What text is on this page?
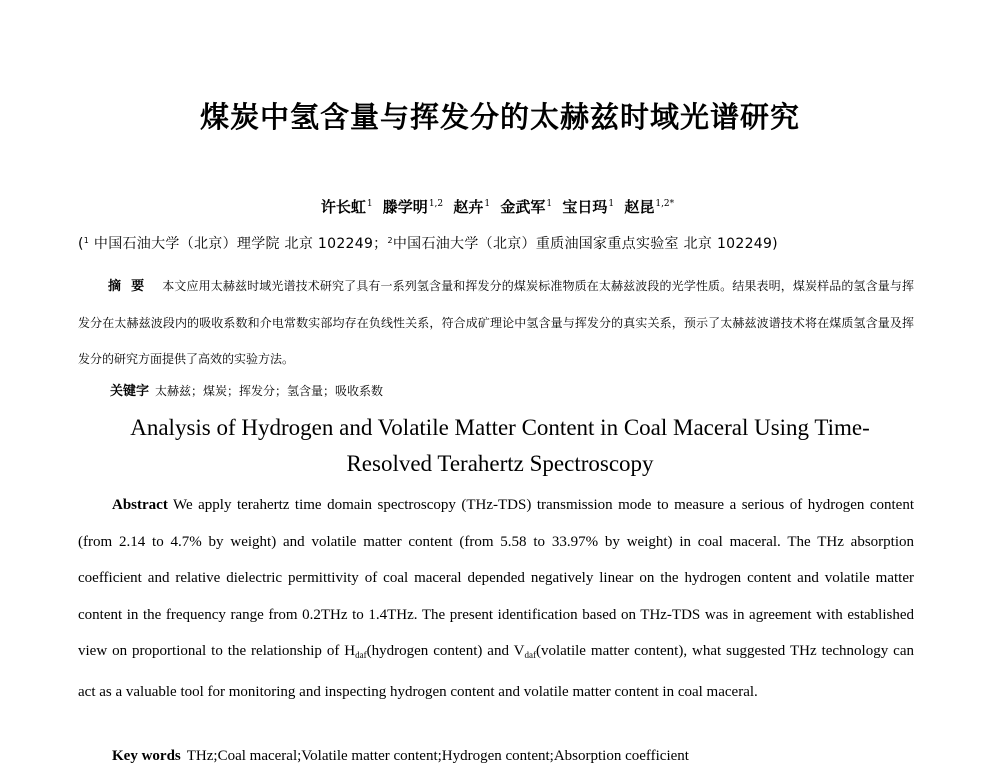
煤炭中氢含量与挥发分的太赫兹时域光谱研究
许长虹$^1$ 滕学明$^{1,2}$ 赵卉$^1$ 金武军$^1$ 宝日玛$^1$ 赵昆$^{1,2*}$
($^1$ 中国石油大学（北京）理学院 北京 102249；$^2$中国石油大学（北京）重质油国家重点实验室 北京 102249)
摘要 本文应用太赫兹时域光谱技术研究了具有一系列氢含量和挥发分的煤炭标准物质在太赫兹波段的光学性质。结果表明，煤炭样品的氢含量与挥发分在太赫兹波段内的吸收系数和介电常数实部均存在负线性关系，符合成矿理论中氢含量与挥发分的真实关系，预示了太赫兹波谱技术将在煤质氢含量及挥发分的研究方面提供了高效的实验方法。
关键字 太赫兹；煤炭；挥发分；氢含量；吸收系数
Analysis of Hydrogen and Volatile Matter Content in Coal Maceral Using Time-
Resolved Terahertz Spectroscopy
Abstract We apply terahertz time domain spectroscopy (THz-TDS) transmission mode to measure a serious of hydrogen content (from 2.14 to 4.7% by weight) and volatile matter content (from 5.58 to 33.97% by weight) in coal maceral. The THz absorption coefficient and relative dielectric permittivity of coal maceral depended negatively linear on the hydrogen content and volatile matter content in the frequency range from 0.2THz to 1.4THz. The present identification based on THz-TDS was in agreement with established view on proportional to the relationship of $H_{daf}(hydrogen$ content) and $V_{daf}(volatile$ matter content), what suggested THz technology can act as a valuable tool for monitoring and inspecting hydrogen content and volatile matter content in coal maceral.
Key words THz;Coal maceral;Volatile matter content;Hydrogen content;Absorption coefficient
